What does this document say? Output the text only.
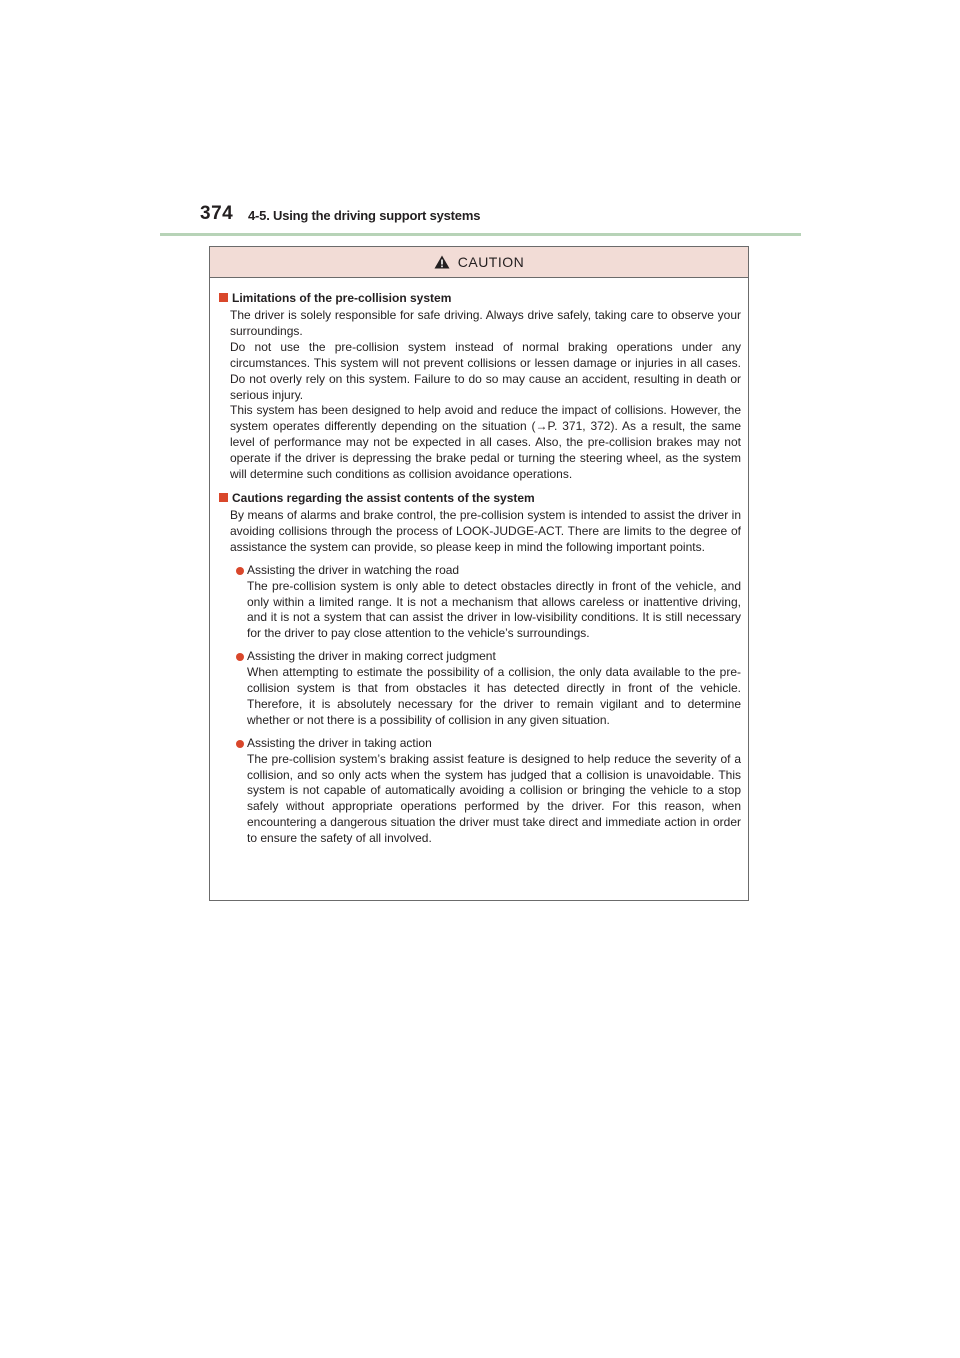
374 4-5. Using the driving support systems
CAUTION
Limitations of the pre-collision system

The driver is solely responsible for safe driving. Always drive safely, taking care to observe your surroundings.

Do not use the pre-collision system instead of normal braking operations under any circumstances. This system will not prevent collisions or lessen damage or injuries in all cases. Do not overly rely on this system. Failure to do so may cause an accident, resulting in death or serious injury.

This system has been designed to help avoid and reduce the impact of collisions. However, the system operates differently depending on the situation (→P. 371, 372). As a result, the same level of performance may not be expected in all cases. Also, the pre-collision brakes may not operate if the driver is depressing the brake pedal or turning the steering wheel, as the system will determine such conditions as collision avoidance operations.

Cautions regarding the assist contents of the system

By means of alarms and brake control, the pre-collision system is intended to assist the driver in avoiding collisions through the process of LOOK-JUDGE-ACT. There are limits to the degree of assistance the system can provide, so please keep in mind the following important points.

Assisting the driver in watching the road
The pre-collision system is only able to detect obstacles directly in front of the vehicle, and only within a limited range. It is not a mechanism that allows careless or inattentive driving, and it is not a system that can assist the driver in low-visibility conditions. It is still necessary for the driver to pay close attention to the vehicle’s surroundings.
Assisting the driver in making correct judgment
When attempting to estimate the possibility of a collision, the only data available to the pre-collision system is that from obstacles it has detected directly in front of the vehicle. Therefore, it is absolutely necessary for the driver to remain vigilant and to determine whether or not there is a possibility of collision in any given situation.
Assisting the driver in taking action
The pre-collision system’s braking assist feature is designed to help reduce the severity of a collision, and so only acts when the system has judged that a collision is unavoidable. This system is not capable of automatically avoiding a collision or bringing the vehicle to a stop safely without appropriate operations performed by the driver. For this reason, when encountering a dangerous situation the driver must take direct and immediate action in order to ensure the safety of all involved.
